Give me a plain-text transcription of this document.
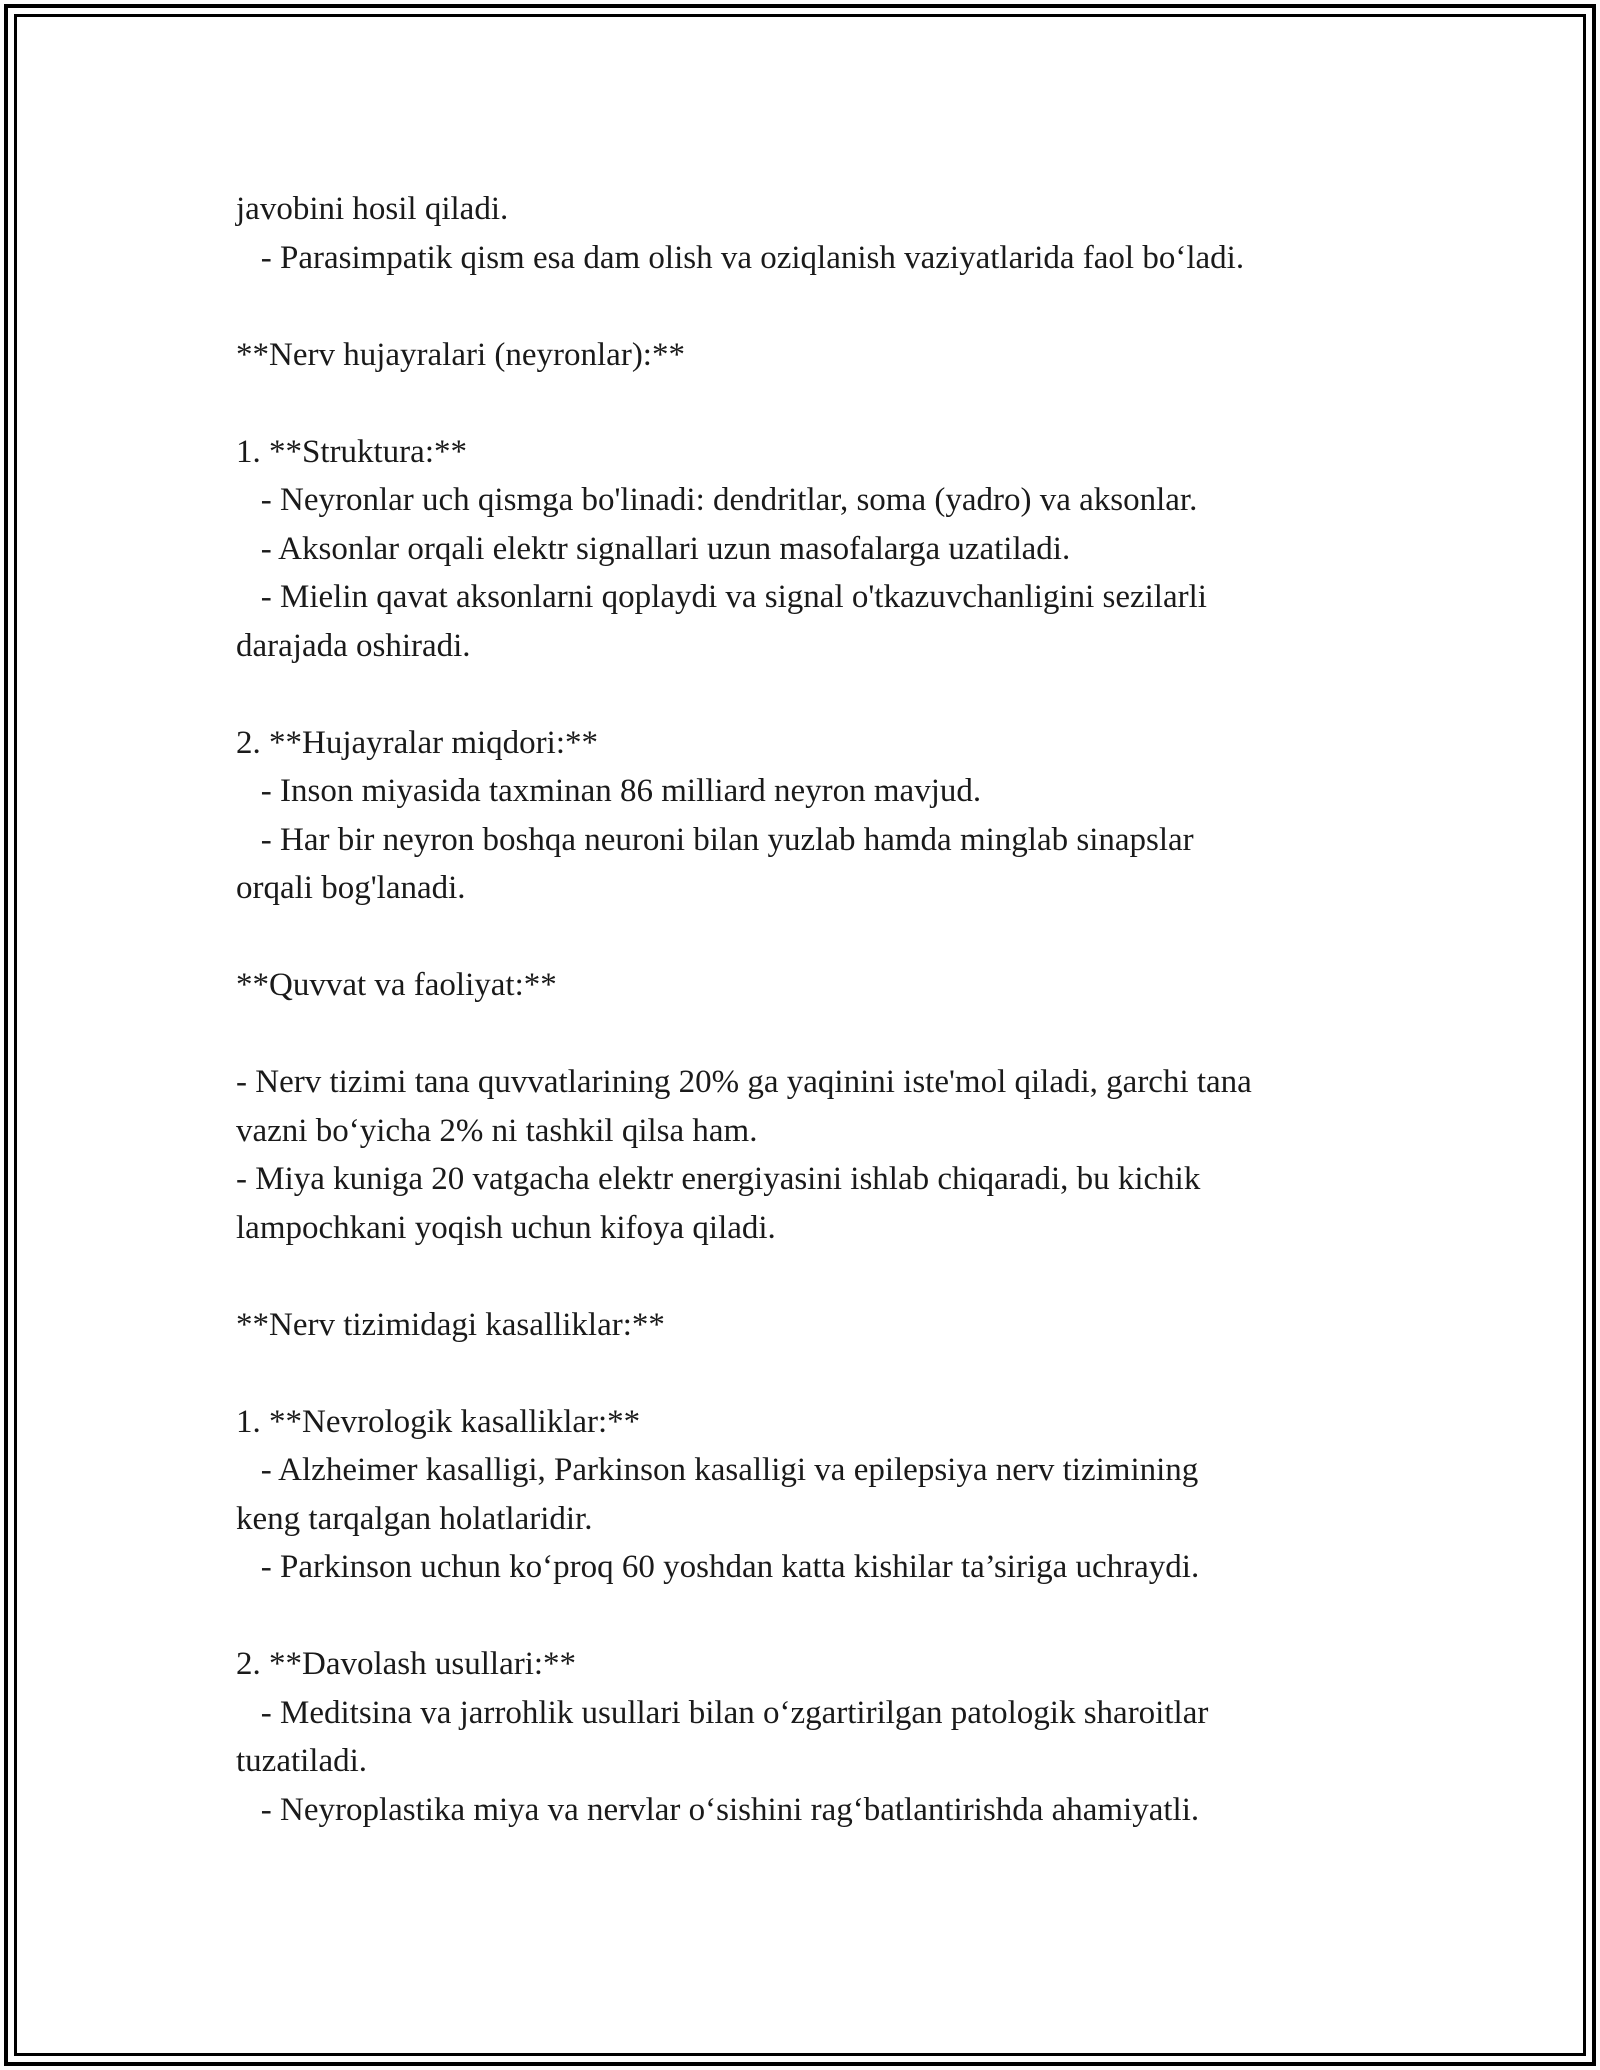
javobini hosil qiladi.
- Parasimpatik qism esa dam olish va oziqlanish vaziyatlarida faol bo‘ladi.
**Nerv hujayralari (neyronlar):**
1. **Struktura:**
- Neyronlar uch qismga bo'linadi: dendritlar, soma (yadro) va aksonlar.
- Aksonlar orqali elektr signallari uzun masofalarga uzatiladi.
- Mielin qavat aksonlarni qoplaydi va signal o'tkazuvchanligini sezilarli
darajada oshiradi.
2. **Hujayralar miqdori:**
- Inson miyasida taxminan 86 milliard neyron mavjud.
- Har bir neyron boshqa neuroni bilan yuzlab hamda minglab sinapslar
orqali bog'lanadi.
**Quvvat va faoliyat:**
- Nerv tizimi tana quvvatlarining 20% ga yaqinini iste'mol qiladi, garchi tana
vazni bo‘yicha 2% ni tashkil qilsa ham.
- Miya kuniga 20 vatgacha elektr energiyasini ishlab chiqaradi, bu kichik
lampochkani yoqish uchun kifoya qiladi.
**Nerv tizimidagi kasalliklar:**
1. **Nevrologik kasalliklar:**
- Alzheimer kasalligi, Parkinson kasalligi va epilepsiya nerv tizimining
keng tarqalgan holatlaridir.
- Parkinson uchun ko‘proq 60 yoshdan katta kishilar ta’siriga uchraydi.
2. **Davolash usullari:**
- Meditsina va jarrohlik usullari bilan o‘zgartirilgan patologik sharoitlar
tuzatiladi.
- Neyroplastika miya va nervlar o‘sishini rag‘batlantirishda ahamiyatli.
